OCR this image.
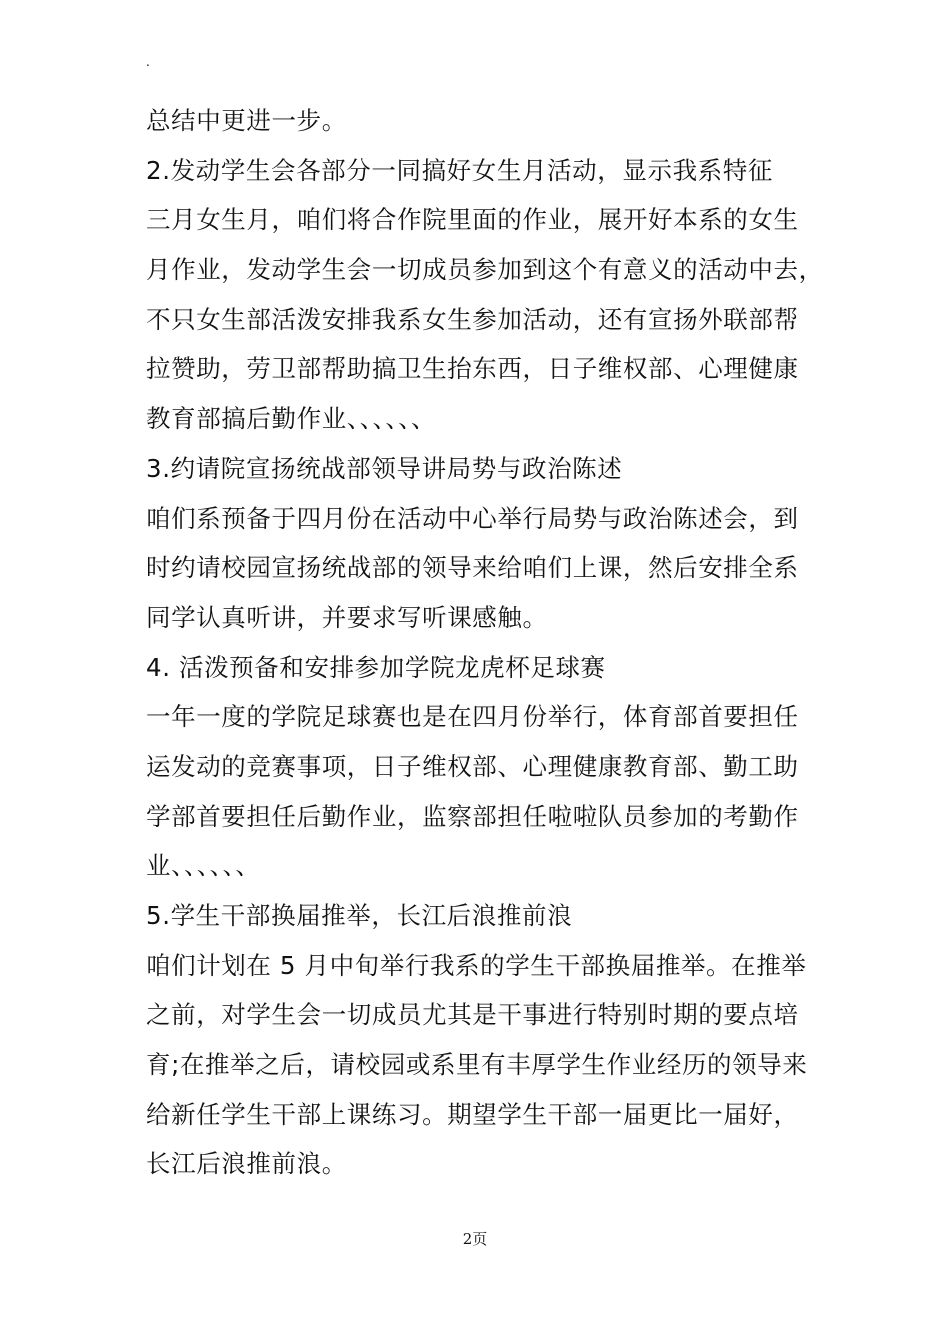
.
总结中更进一步。
2.发动学生会各部分一同搞好女生月活动，显示我系特征
三月女生月，咱们将合作院里面的作业，展开好本系的女生
月作业，发动学生会一切成员参加到这个有意义的活动中去，
不只女生部活泼安排我系女生参加活动，还有宣扬外联部帮
拉赞助，劳卫部帮助搞卫生抬东西，日子维权部、心理健康
教育部搞后勤作业、、、、、、
3.约请院宣扬统战部领导讲局势与政治陈述
咱们系预备于四月份在活动中心举行局势与政治陈述会，到
时约请校园宣扬统战部的领导来给咱们上课，然后安排全系
同学认真听讲，并要求写听课感触。
4. 活泼预备和安排参加学院龙虎杯足球赛
一年一度的学院足球赛也是在四月份举行，体育部首要担任
运发动的竞赛事项，日子维权部、心理健康教育部、勤工助
学部首要担任后勤作业，监察部担任啦啦队员参加的考勤作
业、、、、、、
5.学生干部换届推举，长江后浪推前浪
咱们计划在 5 月中旬举行我系的学生干部换届推举。在推举
之前，对学生会一切成员尤其是干事进行特别时期的要点培
育;在推举之后，请校园或系里有丰厚学生作业经历的领导来
给新任学生干部上课练习。期望学生干部一届更比一届好，
长江后浪推前浪。
2页
